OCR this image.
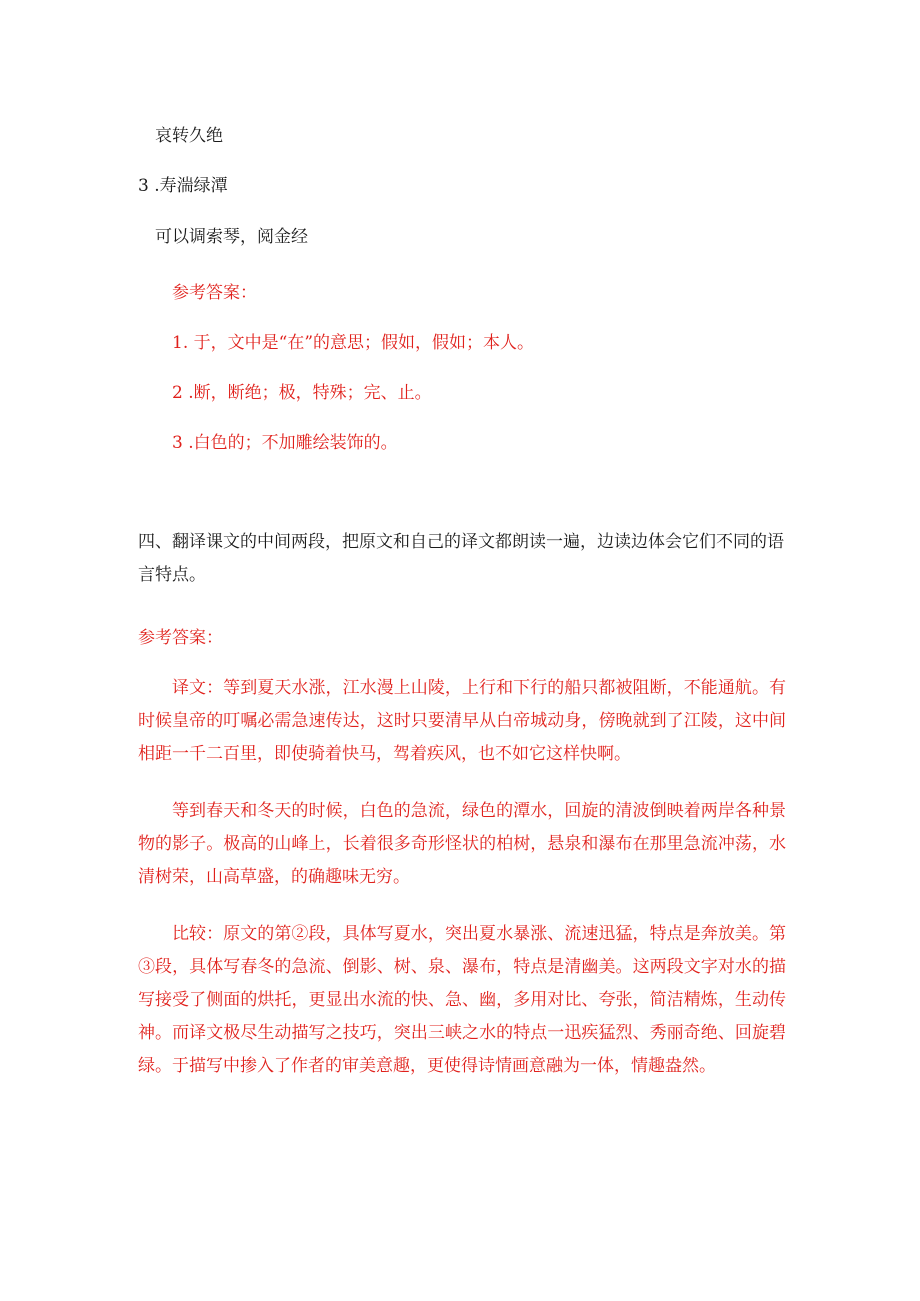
哀转久绝
3 .寿湍绿潭
可以调索琴，阅金经
参考答案：
1. 于，文中是“在”的意思；假如，假如；本人。
2 .断，断绝；极，特殊；完、止。
3 .白色的；不加雕绘装饰的。
四、翻译课文的中间两段，把原文和自己的译文都朗读一遍，边读边体会它们不同的语言特点。
参考答案：
译文：等到夏天水涨，江水漫上山陵，上行和下行的船只都被阻断，不能通航。有时候皇帝的叮嘱必需急速传达，这时只要清早从白帝城动身，傍晚就到了江陵，这中间相距一千二百里，即使骑着快马，驾着疾风，也不如它这样快啊。
等到春天和冬天的时候，白色的急流，绿色的潭水，回旋的清波倒映着两岸各种景物的影子。极高的山峰上，长着很多奇形怪状的柏树，悬泉和瀑布在那里急流冲荡，水清树荣，山高草盛，的确趣味无穷。
比较：原文的第②段，具体写夏水，突出夏水暴涨、流速迅猛，特点是奔放美。第③段，具体写春冬的急流、倒影、树、泉、瀑布，特点是清幽美。这两段文字对水的描写接受了侧面的烘托，更显出水流的快、急、幽，多用对比、夸张，简洁精炼，生动传神。而译文极尽生动描写之技巧，突出三峡之水的特点一迅疾猛烈、秀丽奇绝、回旋碧绿。于描写中掺入了作者的审美意趣，更使得诗情画意融为一体，情趣盎然。
